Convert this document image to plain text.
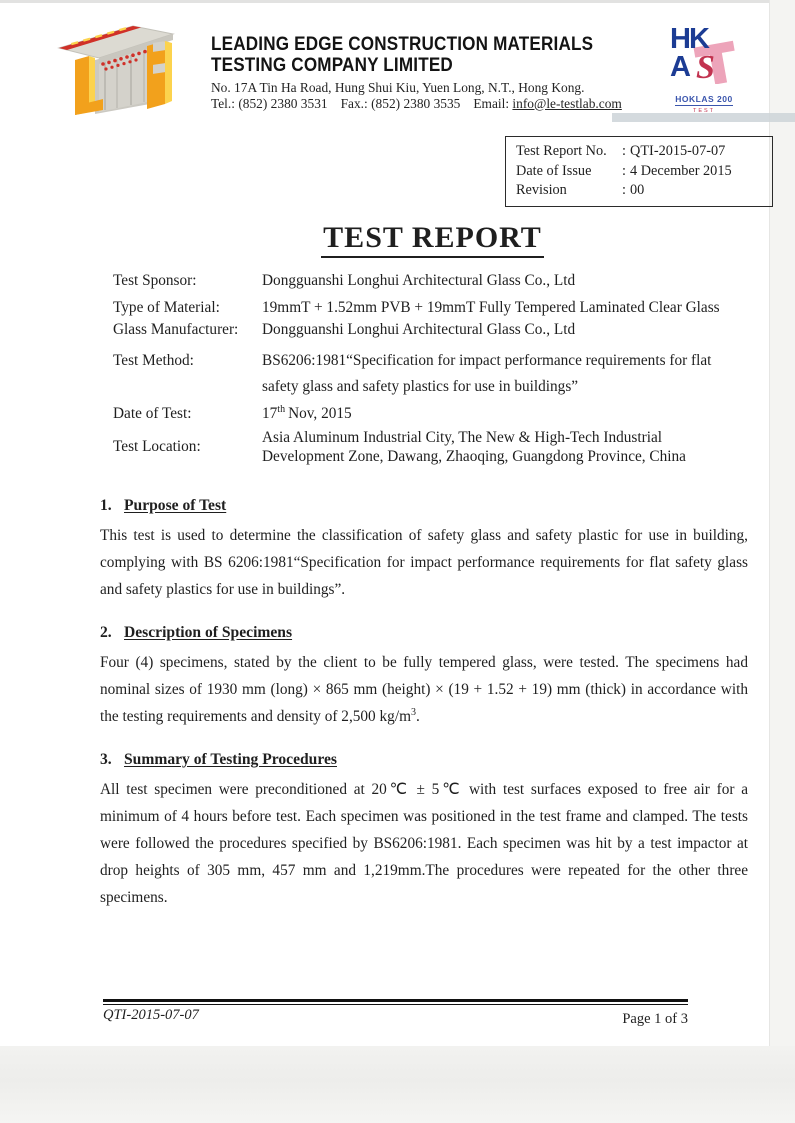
LEADING EDGE CONSTRUCTION MATERIALS
TESTING COMPANY LIMITED
No. 17A Tin Ha Road, Hung Shui Kiu, Yuen Long, N.T., Hong Kong.
Tel.: (852) 2380 3531 Fax.: (852) 2380 3535 Email: info@le-testlab.com
HK
A S
HOKLAS 200
TEST
Test Report No.	: QTI-2015-07-07
Date of Issue	: 4 December 2015
Revision	: 00
TEST REPORT
Test Sponsor:	Dongguanshi Longhui Architectural Glass Co., Ltd
Type of Material:	19mmT + 1.52mm PVB + 19mmT Fully Tempered Laminated Clear Glass
Glass Manufacturer:	Dongguanshi Longhui Architectural Glass Co., Ltd
Test Method:	BS6206:1981“Specification for impact performance requirements for flat
safety glass and safety plastics for use in buildings”
Date of Test:	17th Nov, 2015
Test Location:
Asia Aluminum Industrial City, The New & High-Tech Industrial
Development Zone, Dawang, Zhaoqing, Guangdong Province, China
1. Purpose of Test
This test is used to determine the classification of safety glass and safety plastic for use in building, complying with BS 6206:1981“Specification for impact performance requirements for flat safety glass and safety plastics for use in buildings”.
2. Description of Specimens
Four (4) specimens, stated by the client to be fully tempered glass, were tested. The specimens had nominal sizes of 1930 mm (long) × 865 mm (height) × (19 + 1.52 + 19) mm (thick) in accordance with the testing requirements and density of 2,500 $kg/m^3$.
3. Summary of Testing Procedures
All test specimen were preconditioned at 20℃ ± 5℃ with test surfaces exposed to free air for a minimum of 4 hours before test. Each specimen was positioned in the test frame and clamped. The tests were followed the procedures specified by BS6206:1981. Each specimen was hit by a test impactor at drop heights of 305 mm, 457 mm and 1,219mm.The procedures were repeated for the other three specimens.
QTI-2015-07-07	Page 1 of 3
